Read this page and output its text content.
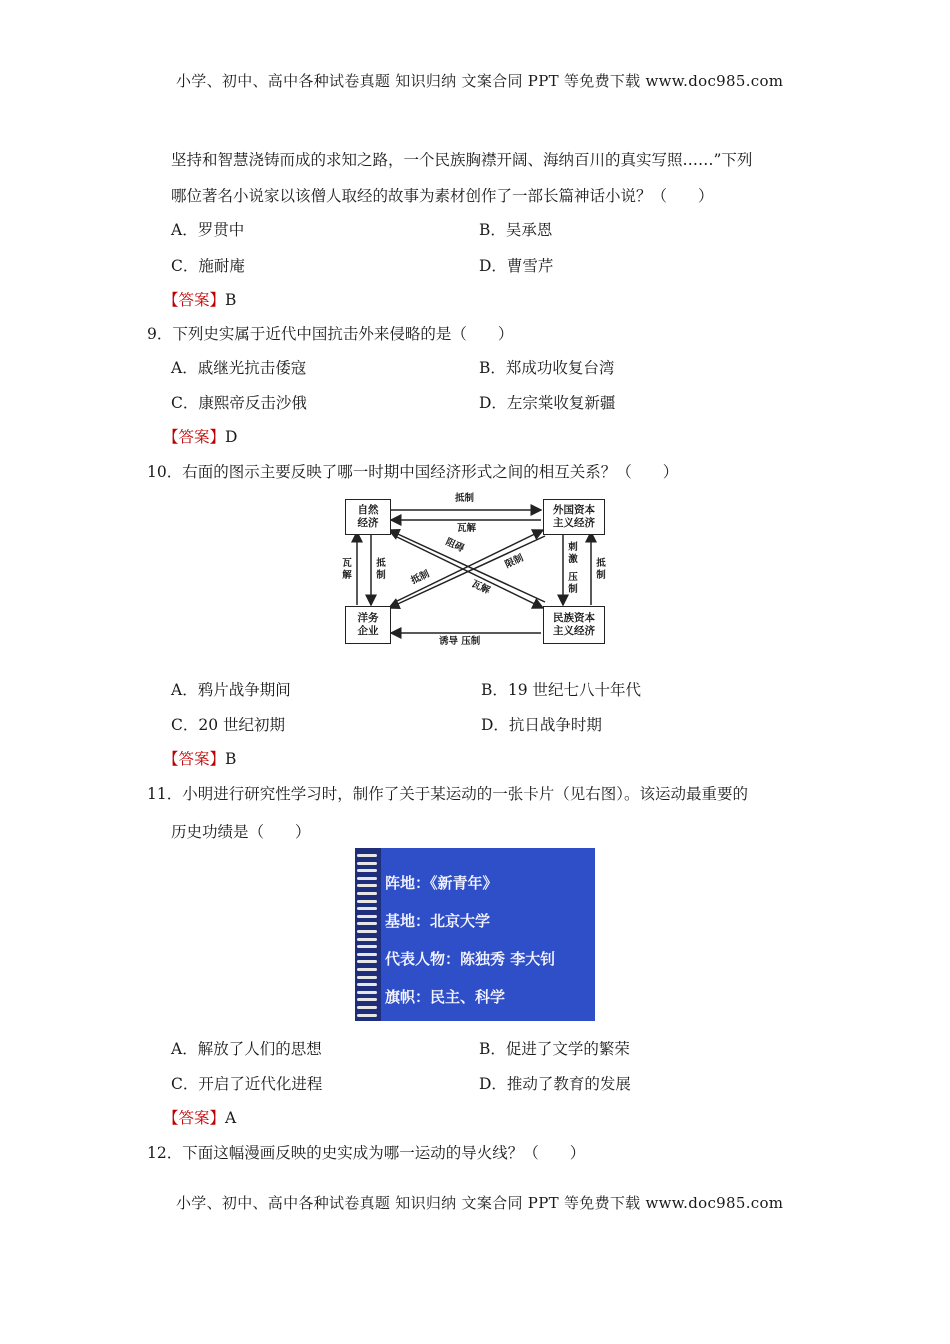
小学、初中、高中各种试卷真题 知识归纳 文案合同 PPT 等免费下载 www.doc985.com
坚持和智慧浇铸而成的求知之路，一个民族胸襟开阔、海纳百川的真实写照……”下列
哪位著名小说家以该僧人取经的故事为素材创作了一部长篇神话小说？（　　）
A．罗贯中	B．吴承恩
C．施耐庵	D．曹雪芹
【答案】B
9．下列史实属于近代中国抗击外来侵略的是（　　）
A．戚继光抗击倭寇	B．郑成功收复台湾
C．康熙帝反击沙俄	D．左宗棠收复新疆
【答案】D
10．右面的图示主要反映了哪一时期中国经济形式之间的相互关系？（　　）
自然
经济
外国资本
主义经济
洋务
企业
民族资本
主义经济
抵制
瓦解
瓦解
抵制
刺激
压制
抵制
阻碍
限制
抵制
瓦解
诱导 压制
A．鸦片战争期间	B．19 世纪七八十年代
C．20 世纪初期	D．抗日战争时期
【答案】B
11．小明进行研究性学习时，制作了关于某运动的一张卡片（见右图）。该运动最重要的
历史功绩是（　　）
阵地：《新青年》
基地：北京大学
代表人物：陈独秀 李大钊
旗帜：民主、科学
A．解放了人们的思想	B．促进了文学的繁荣
C．开启了近代化进程	D．推动了教育的发展
【答案】A
12．下面这幅漫画反映的史实成为哪一运动的导火线？（　　）
小学、初中、高中各种试卷真题 知识归纳 文案合同 PPT 等免费下载 www.doc985.com
